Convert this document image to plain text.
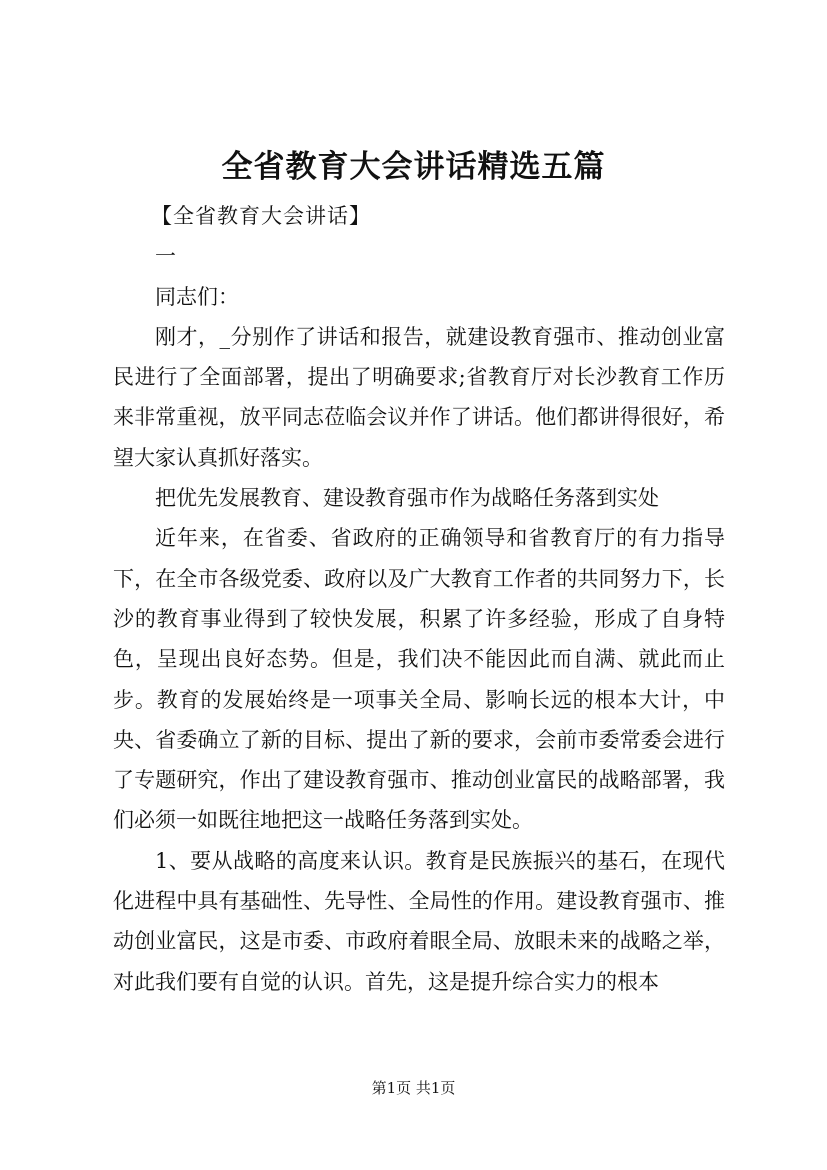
全省教育大会讲话精选五篇

【全省教育大会讲话】

一

同志们：

刚才，_分别作了讲话和报告，就建设教育强市、推动创业富民进行了全面部署，提出了明确要求;省教育厅对长沙教育工作历来非常重视，放平同志莅临会议并作了讲话。他们都讲得很好，希望大家认真抓好落实。

把优先发展教育、建设教育强市作为战略任务落到实处

近年来，在省委、省政府的正确领导和省教育厅的有力指导下，在全市各级党委、政府以及广大教育工作者的共同努力下，长沙的教育事业得到了较快发展，积累了许多经验，形成了自身特色，呈现出良好态势。但是，我们决不能因此而自满、就此而止步。教育的发展始终是一项事关全局、影响长远的根本大计，中央、省委确立了新的目标、提出了新的要求，会前市委常委会进行了专题研究，作出了建设教育强市、推动创业富民的战略部署，我们必须一如既往地把这一战略任务落到实处。

1、要从战略的高度来认识。教育是民族振兴的基石，在现代化进程中具有基础性、先导性、全局性的作用。建设教育强市、推动创业富民，这是市委、市政府着眼全局、放眼未来的战略之举，对此我们要有自觉的认识。首先，这是提升综合实力的根本

第1页 共1页
